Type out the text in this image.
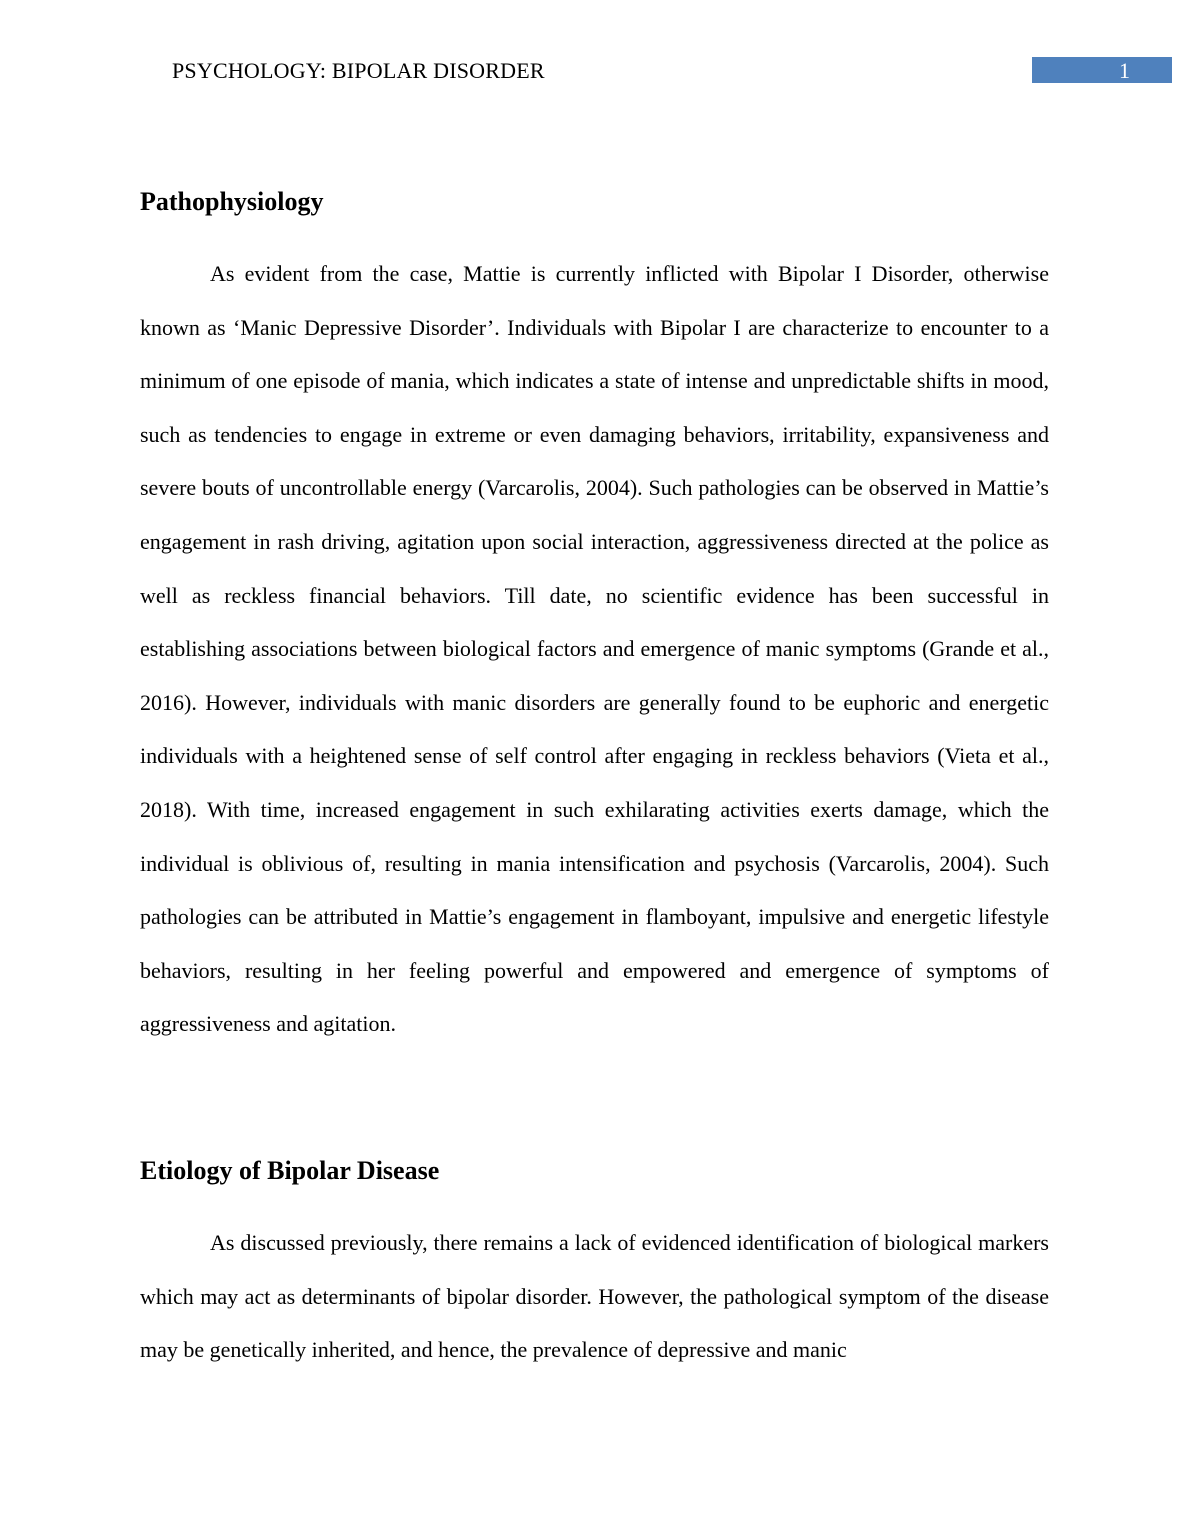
PSYCHOLOGY: BIPOLAR DISORDER	1
Pathophysiology

As evident from the case, Mattie is currently inflicted with Bipolar I Disorder, otherwise known as ‘Manic Depressive Disorder’. Individuals with Bipolar I are characterize to encounter to a minimum of one episode of mania, which indicates a state of intense and unpredictable shifts in mood, such as tendencies to engage in extreme or even damaging behaviors, irritability, expansiveness and severe bouts of uncontrollable energy (Varcarolis, 2004). Such pathologies can be observed in Mattie’s engagement in rash driving, agitation upon social interaction, aggressiveness directed at the police as well as reckless financial behaviors. Till date, no scientific evidence has been successful in establishing associations between biological factors and emergence of manic symptoms (Grande et al., 2016). However, individuals with manic disorders are generally found to be euphoric and energetic individuals with a heightened sense of self control after engaging in reckless behaviors (Vieta et al., 2018). With time, increased engagement in such exhilarating activities exerts damage, which the individual is oblivious of, resulting in mania intensification and psychosis (Varcarolis, 2004). Such pathologies can be attributed in Mattie’s engagement in flamboyant, impulsive and energetic lifestyle behaviors, resulting in her feeling powerful and empowered and emergence of symptoms of aggressiveness and agitation.

Etiology of Bipolar Disease

As discussed previously, there remains a lack of evidenced identification of biological markers which may act as determinants of bipolar disorder. However, the pathological symptom of the disease may be genetically inherited, and hence, the prevalence of depressive and manic
